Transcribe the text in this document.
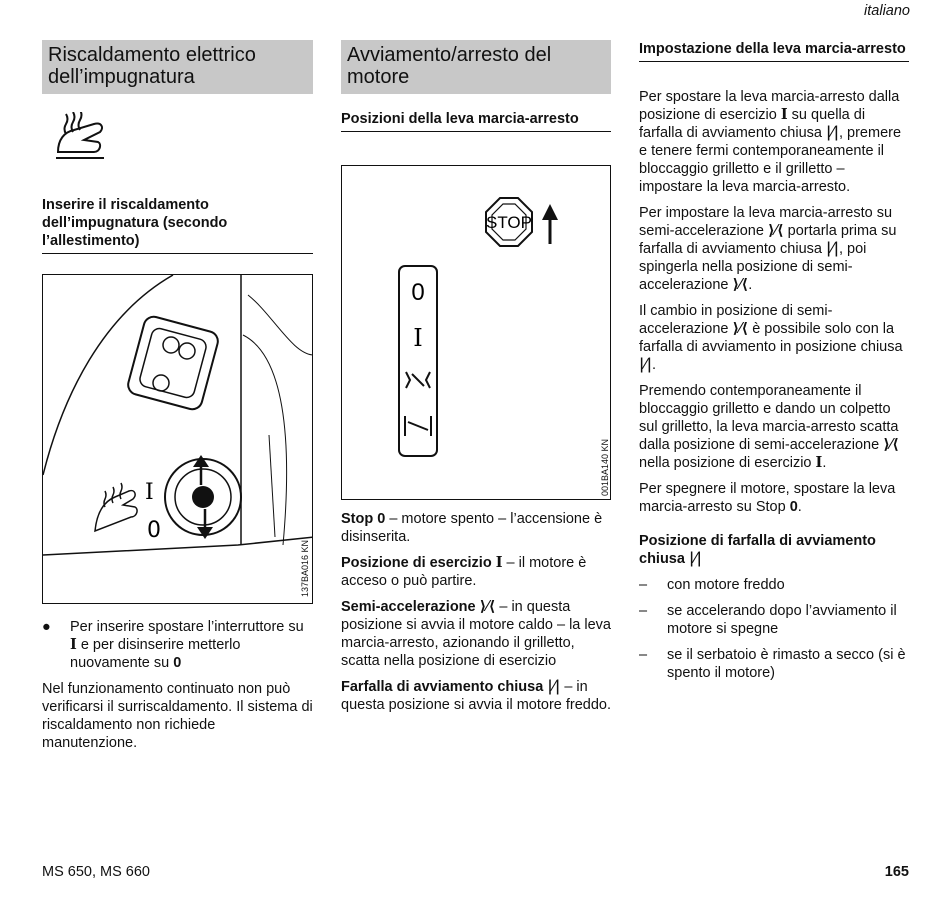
italiano
Riscaldamento elettrico dell’impugnatura
Inserire il riscaldamento dell’impugnatura (secondo l’allestimento)
I
0
137BA016 KN
●	Per inserire spostare l’interruttore su I e per disinserire metterlo nuovamente su 0

Nel funzionamento continuato non può verificarsi il surriscaldamento. Il sistema di riscaldamento non richiede manutenzione.

Avviamento/arresto del motore
Posizioni della leva marcia-arresto
STOP
0
I
001BA140 KN

Stop 0 – motore spento – l’accensione è disinserita.

Posizione di esercizio I – il motore è acceso o può partire.

Semi-accelerazione ⟩⁄⟨ – in questa posizione si avvia il motore caldo – la leva marcia-arresto, azionando il grilletto, scatta nella posizione di esercizio

Farfalla di avviamento chiusa |⁄| – in questa posizione si avvia il motore freddo.

Impostazione della leva marcia-arresto

Per spostare la leva marcia-arresto dalla posizione di esercizio I su quella di farfalla di avviamento chiusa |⁄|, premere e tenere fermi contemporaneamente il bloccaggio grilletto e il grilletto – impostare la leva marcia-arresto.

Per impostare la leva marcia-arresto su semi-accelerazione ⟩⁄⟨ portarla prima su farfalla di avviamento chiusa |⁄|, poi spingerla nella posizione di semi-accelerazione ⟩⁄⟨.

Il cambio in posizione di semi-accelerazione ⟩⁄⟨ è possibile solo con la farfalla di avviamento in posizione chiusa |⁄|.

Premendo contemporaneamente il bloccaggio grilletto e dando un colpetto sul grilletto, la leva marcia-arresto scatta dalla posizione di semi-accelerazione ⟩⁄⟨ nella posizione di esercizio I.

Per spegnere il motore, spostare la leva marcia-arresto su Stop 0.

Posizione di farfalla di avviamento chiusa |⁄|
–	con motore freddo
–	se accelerando dopo l’avviamento il motore si spegne
–	se il serbatoio è rimasto a secco (si è spento il motore)
MS 650, MS 660	165
